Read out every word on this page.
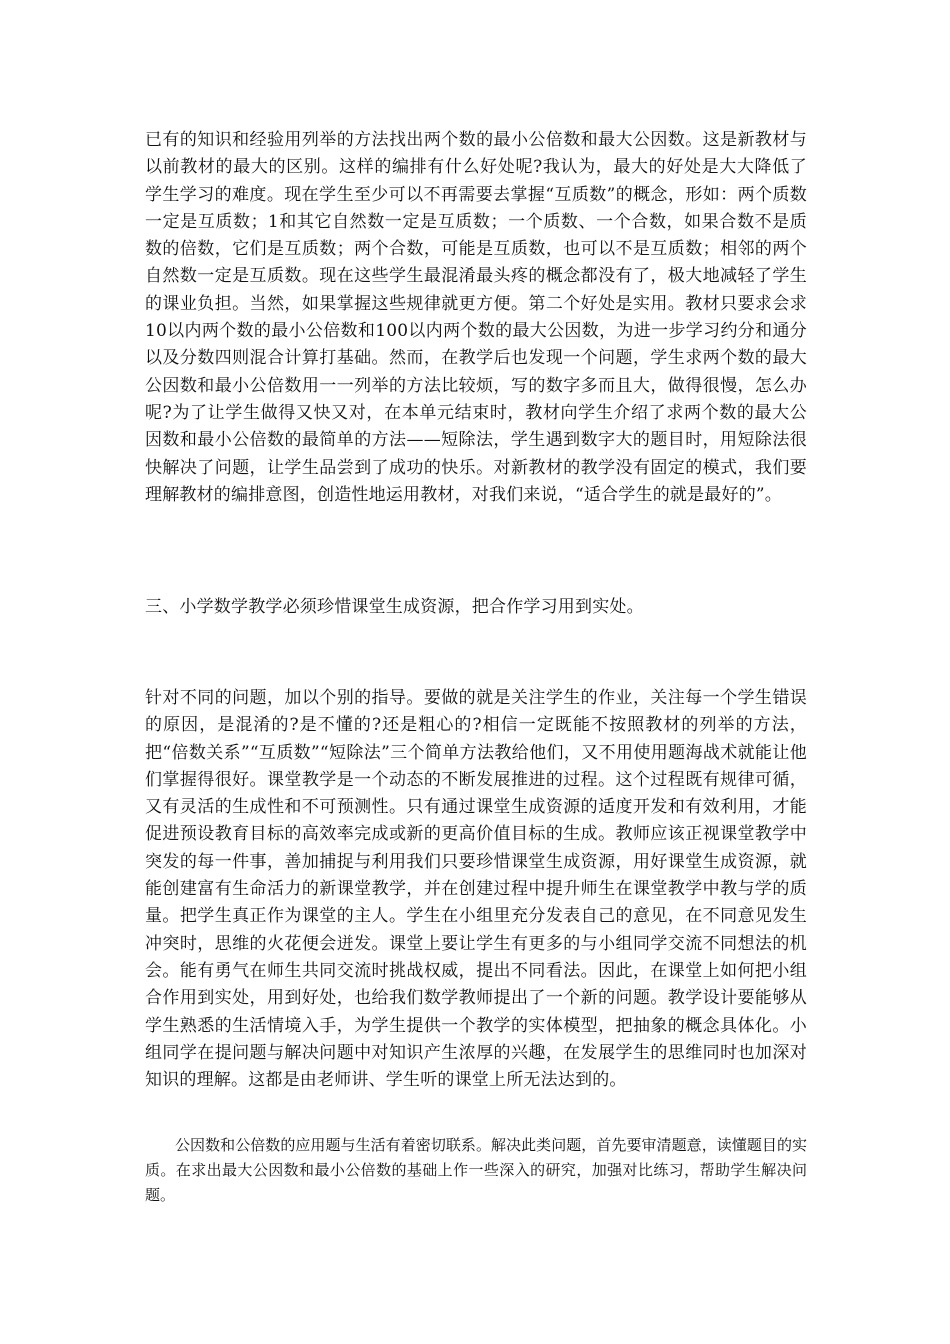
已有的知识和经验用列举的方法找出两个数的最小公倍数和最大公因数。这是新教材与以前教材的最大的区别。这样的编排有什么好处呢?我认为，最大的好处是大大降低了学生学习的难度。现在学生至少可以不再需要去掌握“互质数”的概念，形如：两个质数一定是互质数；1和其它自然数一定是互质数；一个质数、一个合数，如果合数不是质数的倍数，它们是互质数；两个合数，可能是互质数，也可以不是互质数；相邻的两个自然数一定是互质数。现在这些学生最混淆最头疼的概念都没有了，极大地减轻了学生的课业负担。当然，如果掌握这些规律就更方便。第二个好处是实用。教材只要求会求10以内两个数的最小公倍数和100以内两个数的最大公因数，为进一步学习约分和通分以及分数四则混合计算打基础。然而，在教学后也发现一个问题，学生求两个数的最大公因数和最小公倍数用一一列举的方法比较烦，写的数字多而且大，做得很慢，怎么办呢?为了让学生做得又快又对，在本单元结束时，教材向学生介绍了求两个数的最大公因数和最小公倍数的最简单的方法——短除法，学生遇到数字大的题目时，用短除法很快解决了问题，让学生品尝到了成功的快乐。对新教材的教学没有固定的模式，我们要理解教材的编排意图，创造性地运用教材，对我们来说，“适合学生的就是最好的”。

三、小学数学教学必须珍惜课堂生成资源，把合作学习用到实处。

针对不同的问题，加以个别的指导。要做的就是关注学生的作业，关注每一个学生错误的原因，是混淆的?是不懂的?还是粗心的?相信一定既能不按照教材的列举的方法，把“倍数关系”“互质数”“短除法”三个简单方法教给他们，又不用使用题海战术就能让他们掌握得很好。课堂教学是一个动态的不断发展推进的过程。这个过程既有规律可循，又有灵活的生成性和不可预测性。只有通过课堂生成资源的适度开发和有效利用，才能促进预设教育目标的高效率完成或新的更高价值目标的生成。教师应该正视课堂教学中突发的每一件事，善加捕捉与利用我们只要珍惜课堂生成资源，用好课堂生成资源，就能创建富有生命活力的新课堂教学，并在创建过程中提升师生在课堂教学中教与学的质量。把学生真正作为课堂的主人。学生在小组里充分发表自己的意见，在不同意见发生冲突时，思维的火花便会迸发。课堂上要让学生有更多的与小组同学交流不同想法的机会。能有勇气在师生共同交流时挑战权威，提出不同看法。因此，在课堂上如何把小组合作用到实处，用到好处，也给我们数学教师提出了一个新的问题。教学设计要能够从学生熟悉的生活情境入手，为学生提供一个教学的实体模型，把抽象的概念具体化。小组同学在提问题与解决问题中对知识产生浓厚的兴趣，在发展学生的思维同时也加深对知识的理解。这都是由老师讲、学生听的课堂上所无法达到的。

公因数和公倍数的应用题与生活有着密切联系。解决此类问题，首先要审清题意，读懂题目的实质。在求出最大公因数和最小公倍数的基础上作一些深入的研究，加强对比练习，帮助学生解决问题。
